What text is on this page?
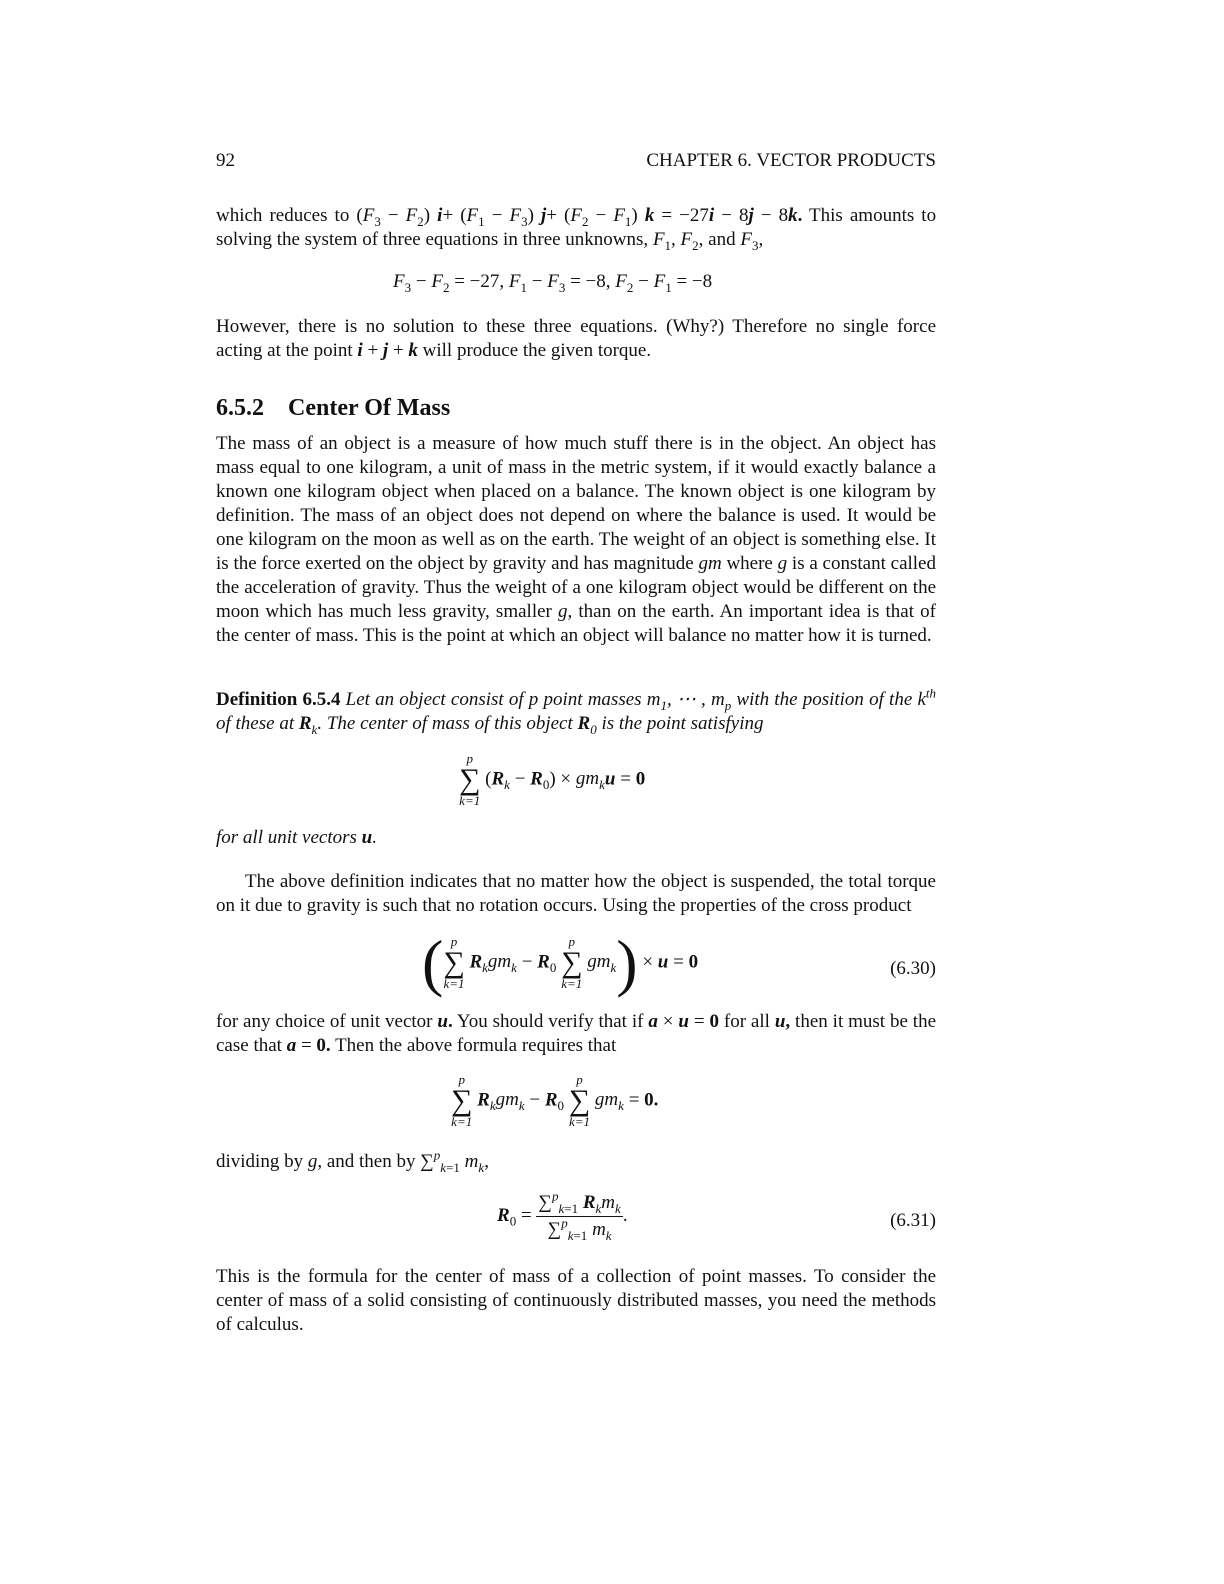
92	CHAPTER 6. VECTOR PRODUCTS
which reduces to $(F_3 - F_2)$ $i+ (F_1 - F_3)$ $j+ (F_2 - F_1) k = -27i - 8j - 8k$. This amounts to solving the system of three equations in three unknowns, $F_1$, $F_2$, and $F_3$,
$F_3 - F_2 = -27$, $F_1 - F_3 = -8$, $F_2 - F_1 = -8$
However, there is no solution to these three equations. (Why?) Therefore no single force acting at the point i + j + k will produce the given torque.
6.5.2 Center Of Mass
The mass of an object is a measure of how much stuff there is in the object. An object has mass equal to one kilogram, a unit of mass in the metric system, if it would exactly balance a known one kilogram object when placed on a balance. The known object is one kilogram by definition. The mass of an object does not depend on where the balance is used. It would be one kilogram on the moon as well as on the earth. The weight of an object is something else. It is the force exerted on the object by gravity and has magnitude gm where g is a constant called the acceleration of gravity. Thus the weight of a one kilogram object would be different on the moon which has much less gravity, smaller g, than on the earth. An important idea is that of the center of mass. This is the point at which an object will balance no matter how it is turned.
Definition 6.5.4 Let an object consist of p point masses $m_1$, ⋯ , $m_p$ with the position of the $k^{th}$ of these at $R_k$. The center of mass of this object $R_0$ is the point satisfying
p
∑
k=1
$(R_k - R_0) \times gm_ku = 0$
for all unit vectors u.
The above definition indicates that no matter how the object is suspended, the total torque on it due to gravity is such that no rotation occurs. Using the properties of the cross product
( p
∑
k=1
$R_kgm_k - R_0$
p
∑
k=1
$gm_k) \times u = 0$	(6.30)
for any choice of unit vector u. You should verify that if a × u = 0 for all u, then it must be the case that a = 0. Then the above formula requires that
p
∑
k=1
$R_kgm_k - R_0$
p
∑
k=1
$gm_k = 0$.
dividing by g, and then by ∑$^p_{k=1}$ $m_k$,
$R_0 = \frac{\sum^p_{k=1} R_km_k}{\sum^p_{k=1} m_k}$ .	(6.31)
This is the formula for the center of mass of a collection of point masses. To consider the center of mass of a solid consisting of continuously distributed masses, you need the methods of calculus.
